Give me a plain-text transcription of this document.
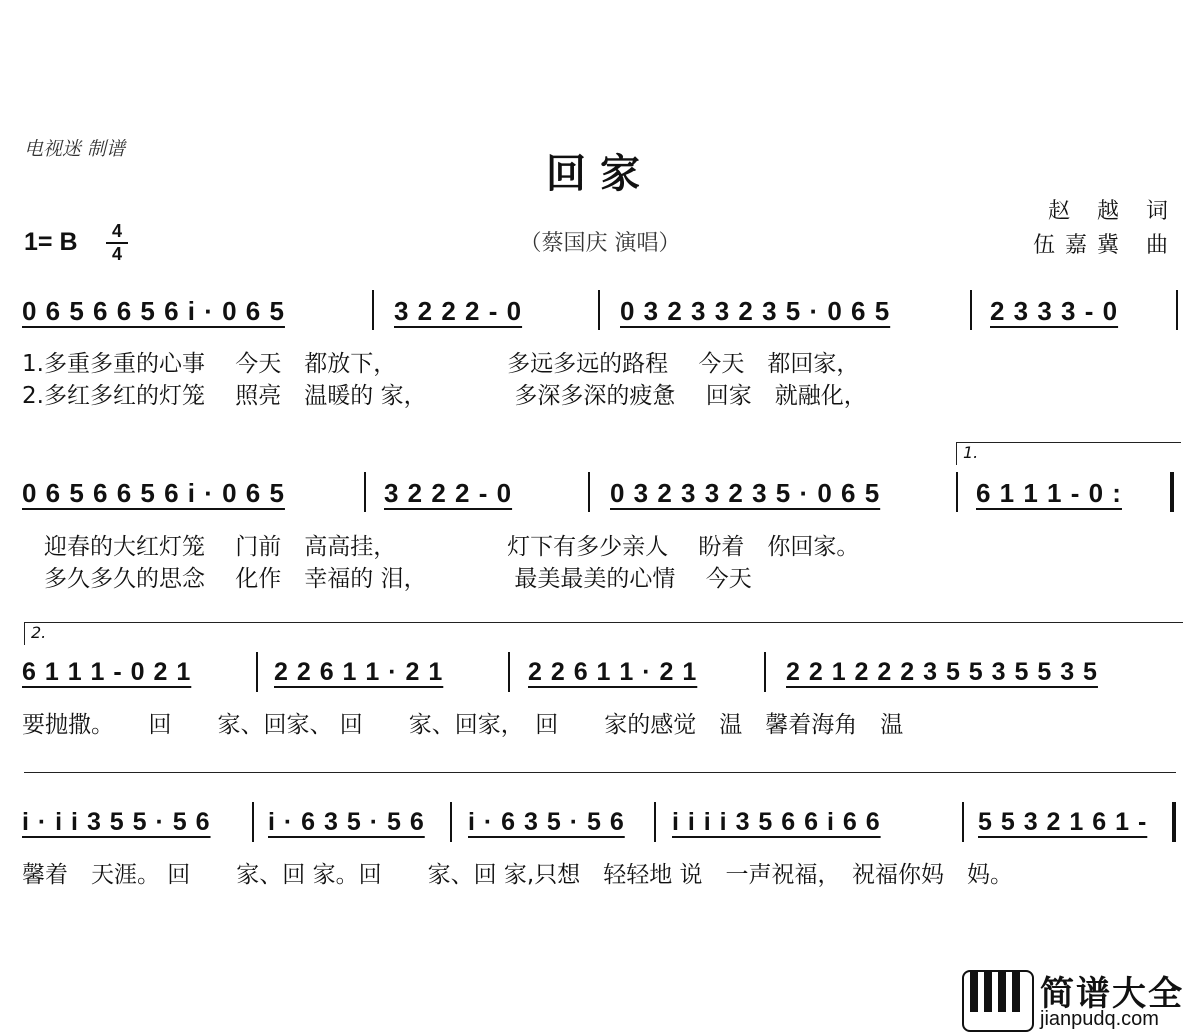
电视迷 制谱
回家
（蔡国庆 演唱）
赵 越 词
伍嘉冀 曲
1= B	4
4
0 6 5 6 6 5 6 i · 0 6 5	3 2 2 2 - 0	0 3 2 3 3 2 3 5 · 0 6 5	2 3 3 3 - 0
1.多重多重的心事　 今天　都放下，　　　　　 多远多远的路程　 今天　都回家，
2.多红多红的灯笼　 照亮　温暖的 家，　　　　 多深多深的疲惫　 回家　就融化，
1.
0 6 5 6 6 5 6 i · 0 6 5	3 2 2 2 - 0	0 3 2 3 3 2 3 5 · 0 6 5	6 1 1 1 - 0 :
迎春的大红灯笼　 门前　高高挂，　　　　　 灯下有多少亲人　 盼着　你回家。
多久多久的思念　 化作　幸福的 泪，　　　　 最美最美的心情　 今天
2.
6 1 1 1 - 0 2 1	2 2 6 1 1 · 2 1	2 2 6 1 1 · 2 1	2 2 1 2 2 2 3 5 5 3 5 5 3 5
要抛撒。　　回　　家、回家、 回　　家、回家，　回　　家的感觉　温　馨着海角　温
i · i i 3 5 5 · 5 6 i · 6 3 5 · 5 6 i · 6 3 5 · 5 6 i i i i 3 5 6 6 i 6 6	5 5 3 2 1 6 1 -
馨着　天涯。 回　　家、回 家。回　　家、回 家,只想　轻轻地 说　一声祝福，　祝福你妈　妈。
简谱大全
jianpudq.com
